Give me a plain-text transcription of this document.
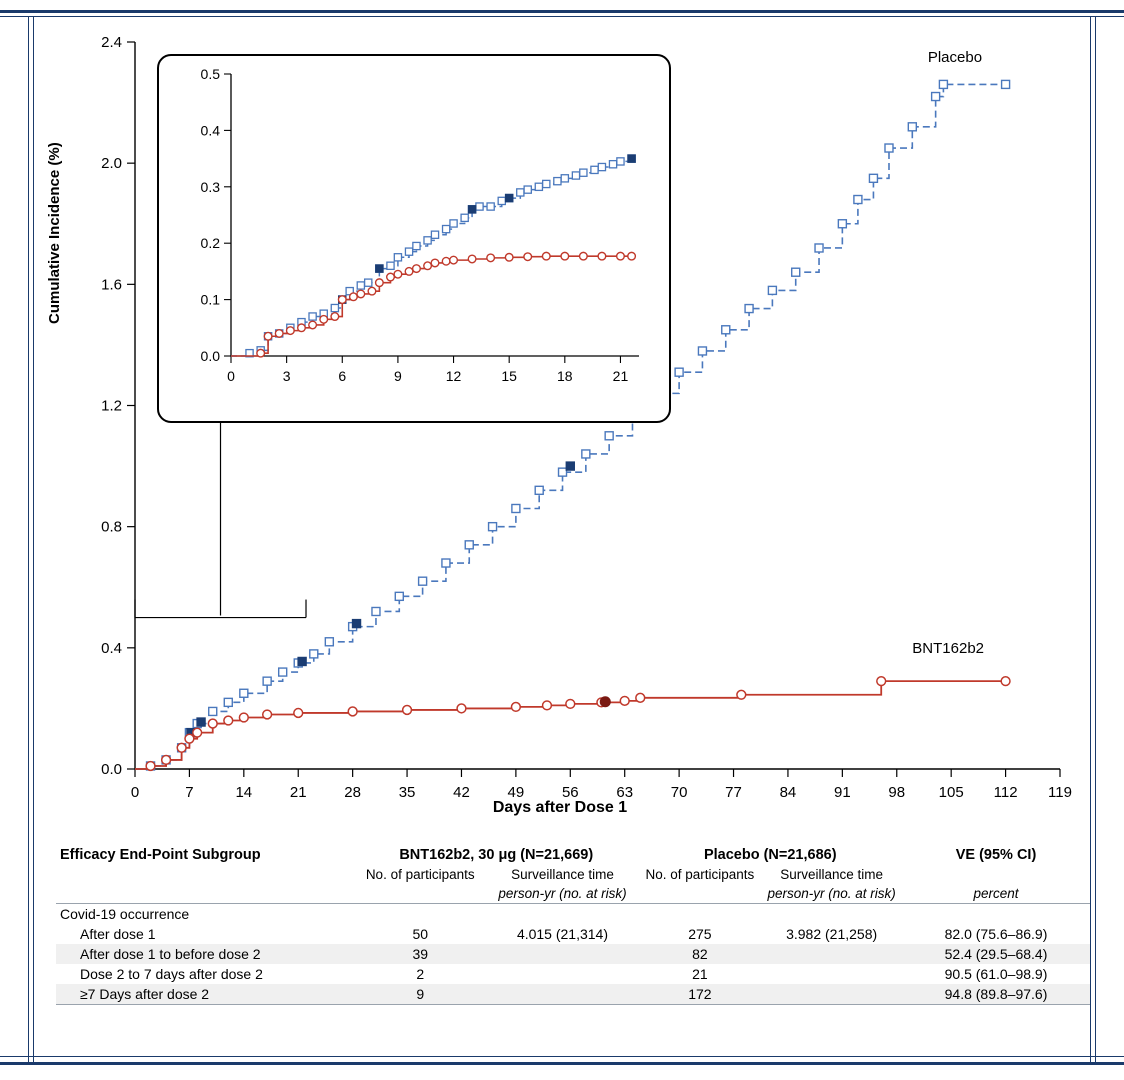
Cumulative Incidence (%)
0.0
0.4
0.8
1.2
1.6
2.0
2.4
0	7	14	21	28	35	42	49	56	63	70	77	84	91	98 105 112 119
Days after Dose 1
Placebo
BNT162b2
0.0
0.1
0.2
0.3
0.4
0.5
0	3	6	9	12	15	18	21
Efficacy End-Point Subgroup	BNT162b2, 30 μg (N=21,669)		Placebo (N=21,686)		VE (95% CI)
	No. of participants	Surveillance time	No. of participants	Surveillance time	
		person-yr (no. at risk)		person-yr (no. at risk)	percent
Covid-19 occurrence					
After dose 1	50	4.015 (21,314)	275	3.982 (21,258)	82.0 (75.6–86.9)
After dose 1 to before dose 2	39		82		52.4 (29.5–68.4)
Dose 2 to 7 days after dose 2	2		21		90.5 (61.0–98.9)
≥7 Days after dose 2	9		172		94.8 (89.8–97.6)
